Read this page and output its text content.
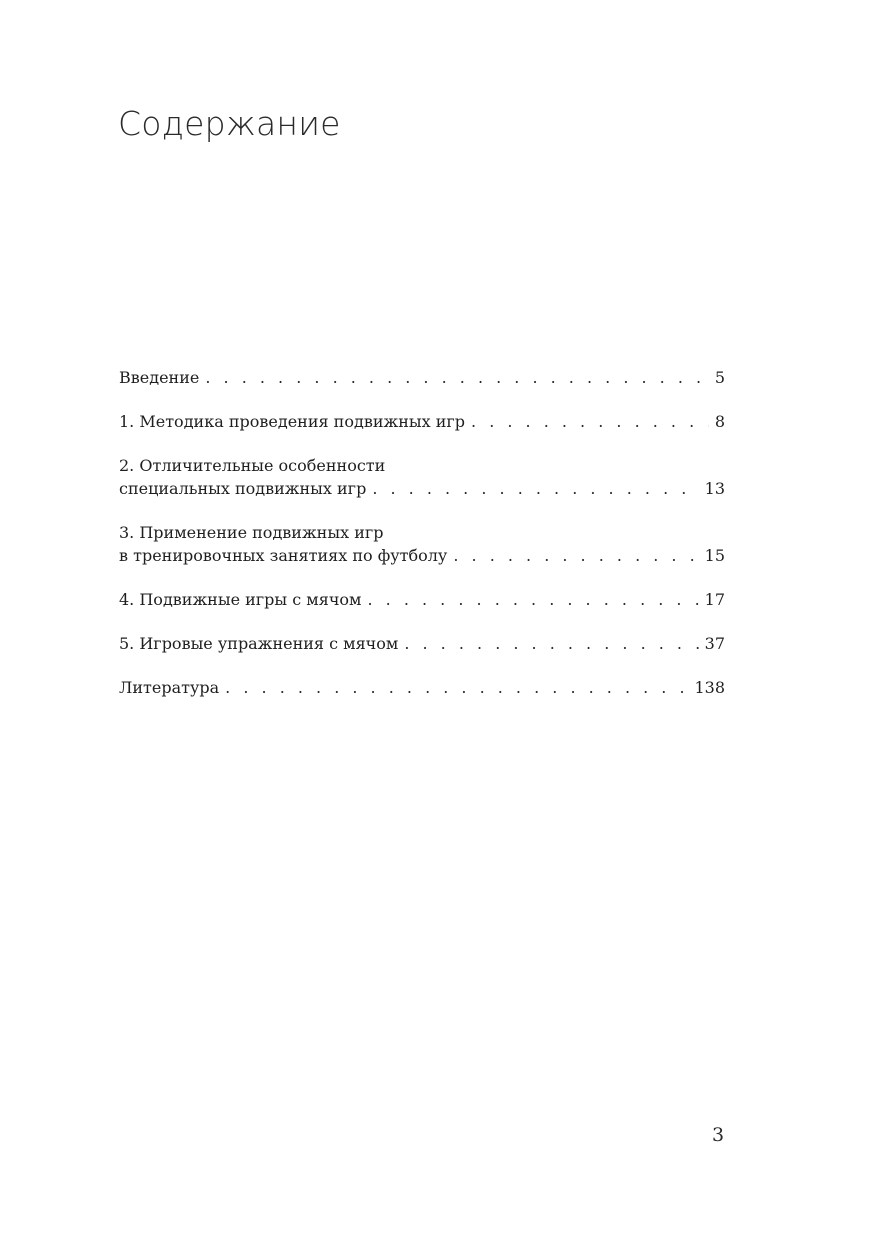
Содержание
Введение . . .	5
1. Методика проведения подвижных игр . . .	8
2. Отличительные особенности
специальных подвижных игр . . .	13
3. Применение подвижных игр
в тренировочных занятиях по футболу . . .	15
4. Подвижные игры с мячом . . .	17
5. Игровые упражнения с мячом . . .	37
Литература . . .	138
3
